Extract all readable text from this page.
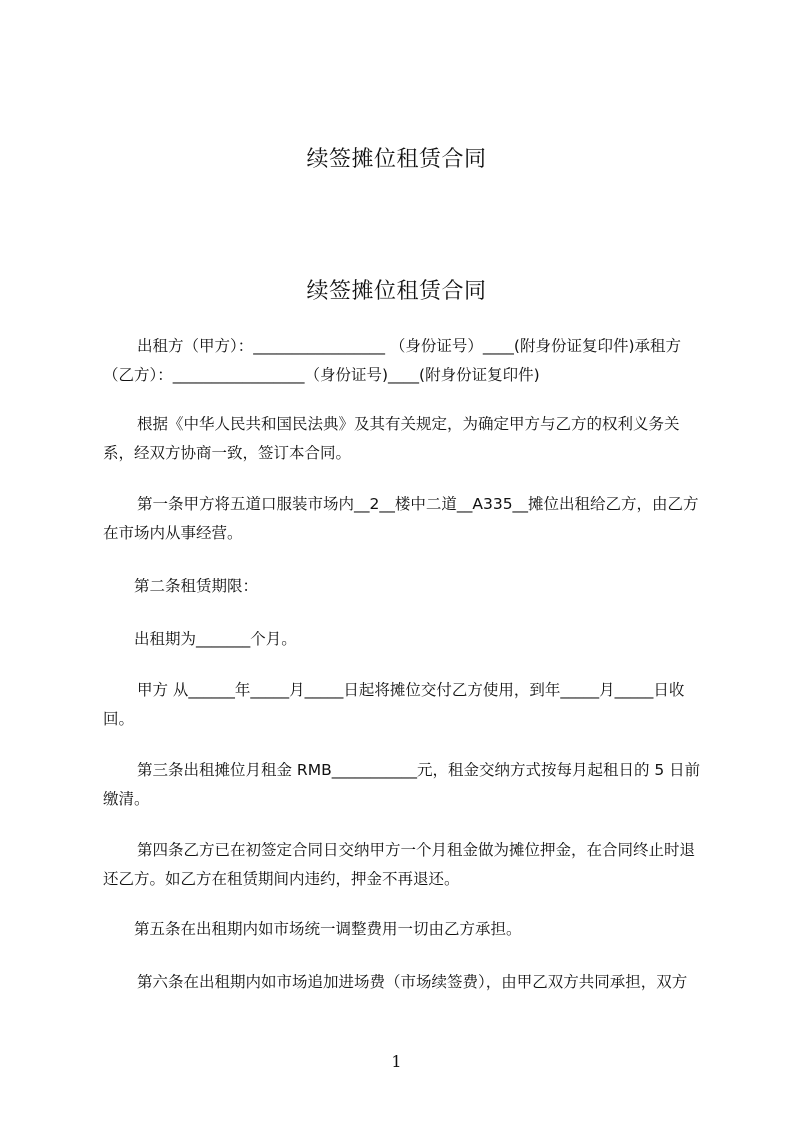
续签摊位租赁合同
续签摊位租赁合同

出租方（甲方）：_________________ （身份证号）____(附身份证复印件)承租方（乙方）：_________________（身份证号)____(附身份证复印件)

根据《中华人民共和国民法典》及其有关规定，为确定甲方与乙方的权利义务关系，经双方协商一致，签订本合同。

第一条甲方将五道口服装市场内__2__楼中二道__A335__摊位出租给乙方，由乙方在市场内从事经营。

第二条租赁期限：

出租期为_______个月。

甲方 从______年_____月_____日起将摊位交付乙方使用，到年_____月_____日收回。

第三条出租摊位月租金 RMB___________元，租金交纳方式按每月起租日的 5 日前缴清。

第四条乙方已在初签定合同日交纳甲方一个月租金做为摊位押金，在合同终止时退还乙方。如乙方在租赁期间内违约，押金不再退还。

第五条在出租期内如市场统一调整费用一切由乙方承担。

第六条在出租期内如市场追加进场费（市场续签费），由甲乙双方共同承担，双方

1
